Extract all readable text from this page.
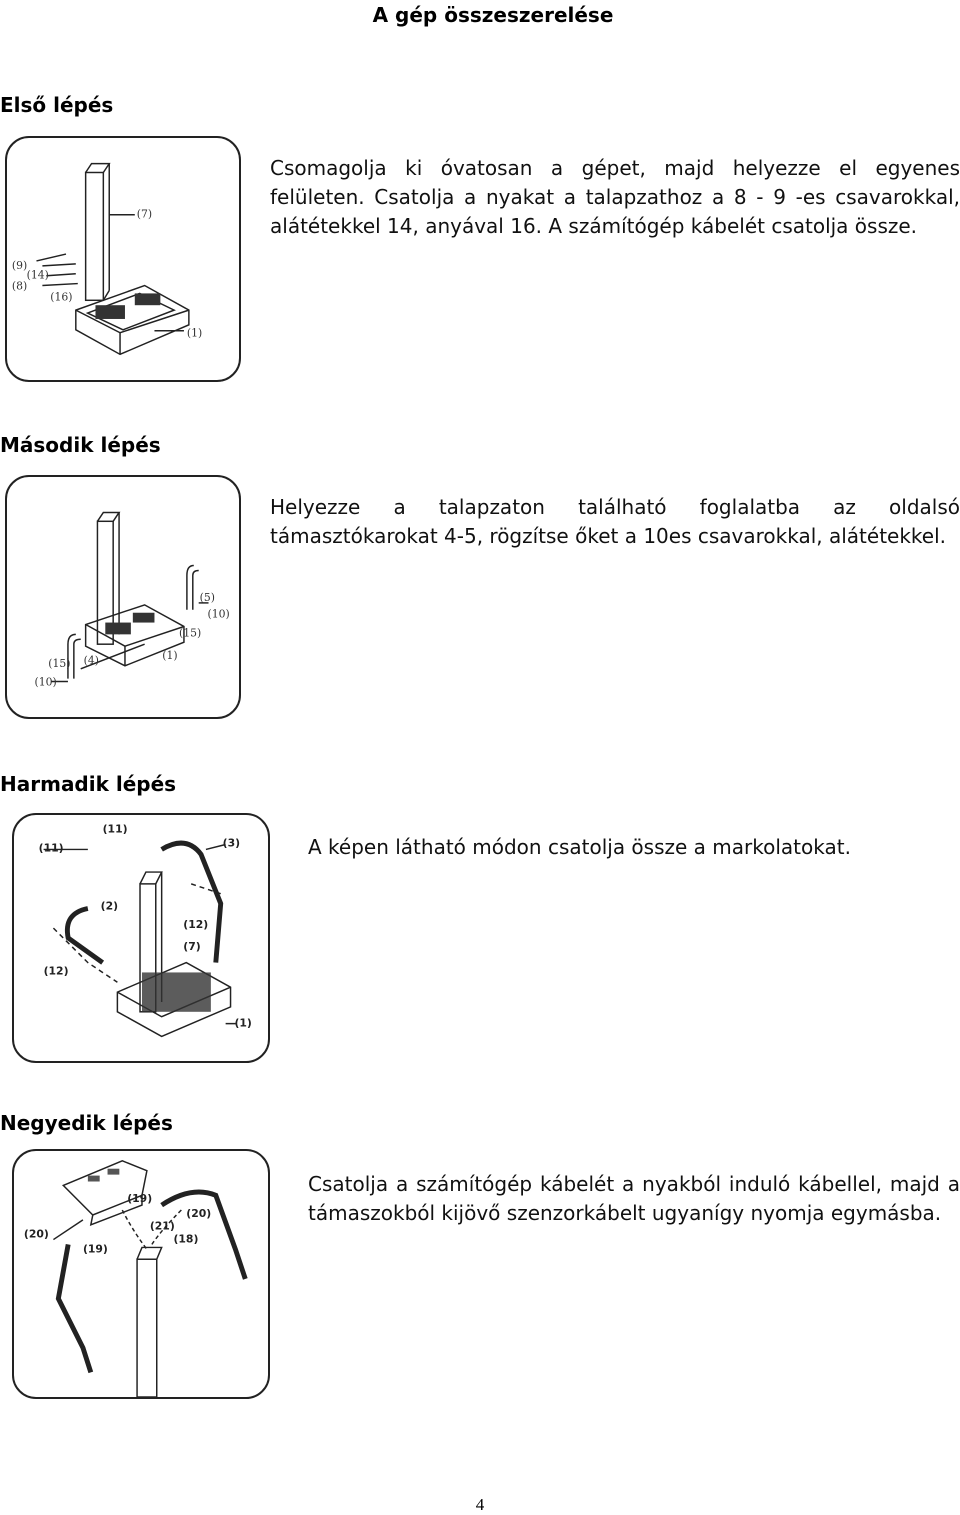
A gép összeszerelése
Első lépés
(7)
(9)
(14)
(8)
(16)
(1)
Csomagolja ki óvatosan a gépet, majd helyezze el egyenes felületen. Csatolja a nyakat a talapzathoz a 8 - 9 -es csavarokkal, alátétekkel 14, anyával 16. A számítógép kábelét csatolja össze.
Második lépés
(5)
(10)
(15)
(1)
(15) (4)
(10)
Helyezze a talapzaton található foglalatba az oldalsó támasztókarokat 4-5, rögzítse őket a 10es csavarokkal, alátétekkel.
Harmadik lépés
(11)
(11)
(3)
(2)
(12)
(7)
(12)
(1)
A képen látható módon csatolja össze a markolatokat.
Negyedik lépés
(19)
(20)
(21)
(20)
(19)
(18)
Csatolja a számítógép kábelét a nyakból induló kábellel, majd a támaszokból kijövő szenzorkábelt ugyanígy nyomja egymásba.
4
